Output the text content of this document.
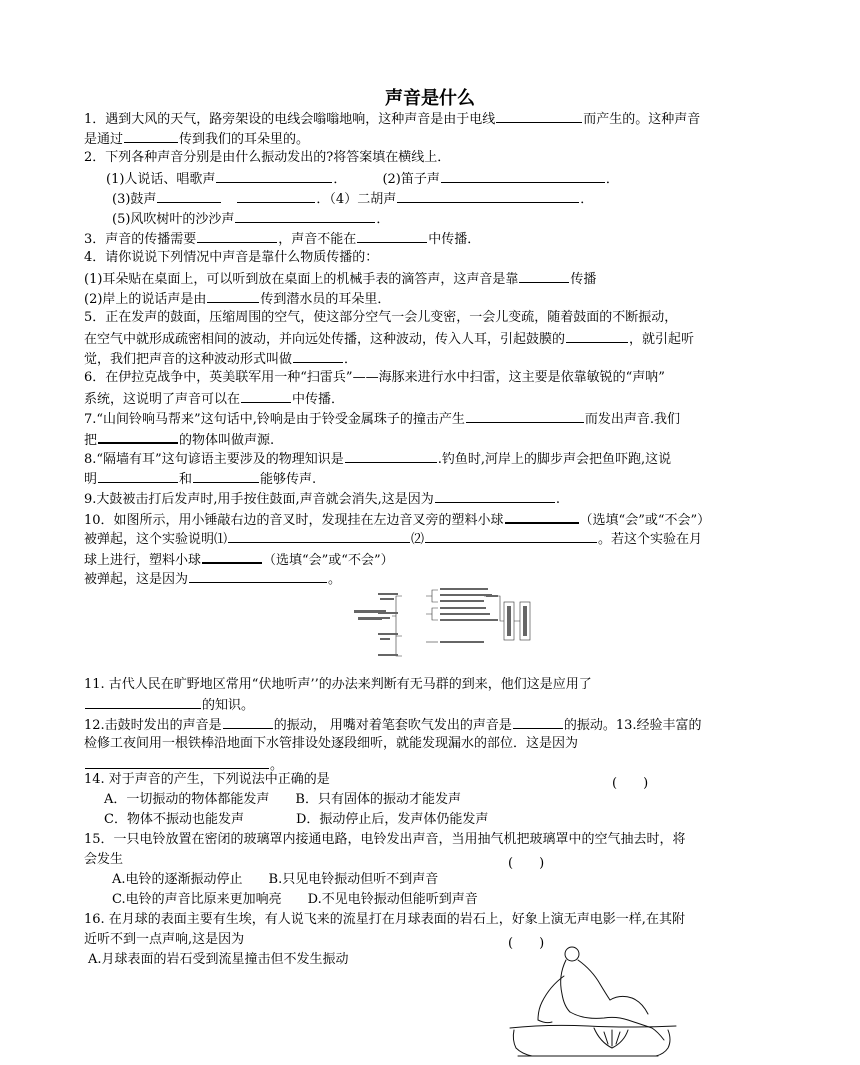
声音是什么
1．遇到大风的天气，路旁架设的电线会嗡嗡地响，这种声音是由于电线	而产生的。这种声音
是通过	传到我们的耳朵里的。
2．下列各种声音分别是由什么振动发出的?将答案填在横线上．
(1)人说话、唱歌声	．	(2)笛子声	．
(3)鼓声	．（4）二胡声	．
(5)风吹树叶的沙沙声	．
3．声音的传播需要	，声音不能在	中传播．
4．请你说说下列情况中声音是靠什么物质传播的：
(1)耳朵贴在桌面上，可以听到放在桌面上的机械手表的滴答声，这声音是靠	传播
(2)岸上的说话声是由	传到潜水员的耳朵里．
5．正在发声的鼓面，压缩周围的空气，使这部分空气一会儿变密，一会儿变疏，随着鼓面的不断振动，
在空气中就形成疏密相间的波动，并向远处传播，这种波动，传入人耳，引起鼓膜的	，就引起听
觉，我们把声音的这种波动形式叫做	．
6．在伊拉克战争中，英美联军用一种“扫雷兵”——海豚来进行水中扫雷，这主要是依靠敏锐的“声呐”
系统，这说明了声音可以在	中传播．
7.“山间铃响马帮来”这句话中,铃响是由于铃受金属珠子的撞击产生	而发出声音.我们
把	的物体叫做声源.
8.“隔墙有耳”这句谚语主要涉及的物理知识是	.钓鱼时,河岸上的脚步声会把鱼吓跑,这说
明	和	能够传声.
9.大鼓被击打后发声时,用手按住鼓面,声音就会消失,这是因为	.
10．如图所示，用小锤敲右边的音叉时，发现挂在左边音叉旁的塑料小球	（选填“会”或“不会”）
被弹起，这个实验说明⑴	⑵	。若这个实验在月
球上进行，塑料小球	（选填“会”或“不会”）
被弹起，这是因为	。
11. 古代人民在旷野地区常用“伏地听声’’的办法来判断有无马群的到来，他们这是应用了
的知识。
12.击鼓时发出的声音是	的振动， 用嘴对着笔套吹气发出的声音是	的振动。13.经验丰富的
检修工夜间用一根铁棒沿地面下水管排设处逐段细听，就能发现漏水的部位．这是因为
。
14. 对于声音的产生，下列说法中正确的是	(　　)
A．一切振动的物体都能发声　　B．只有固体的振动才能发声
C．物体不振动也能发声　　　　D．振动停止后，发声体仍能发声
15．一只电铃放置在密闭的玻璃罩内接通电路，电铃发出声音，当用抽气机把玻璃罩中的空气抽去时，将
会发生	(　　)
A.电铃的逐渐振动停止　　B.只见电铃振动但听不到声音
C.电铃的声音比原来更加响亮　　D.不见电铃振动但能听到声音
16. 在月球的表面主要有生埃，有人说飞来的流星打在月球表面的岩石上，好象上演无声电影一样,在其附
近听不到一点声响,这是因为	(　　)
A.月球表面的岩石受到流星撞击但不发生振动
